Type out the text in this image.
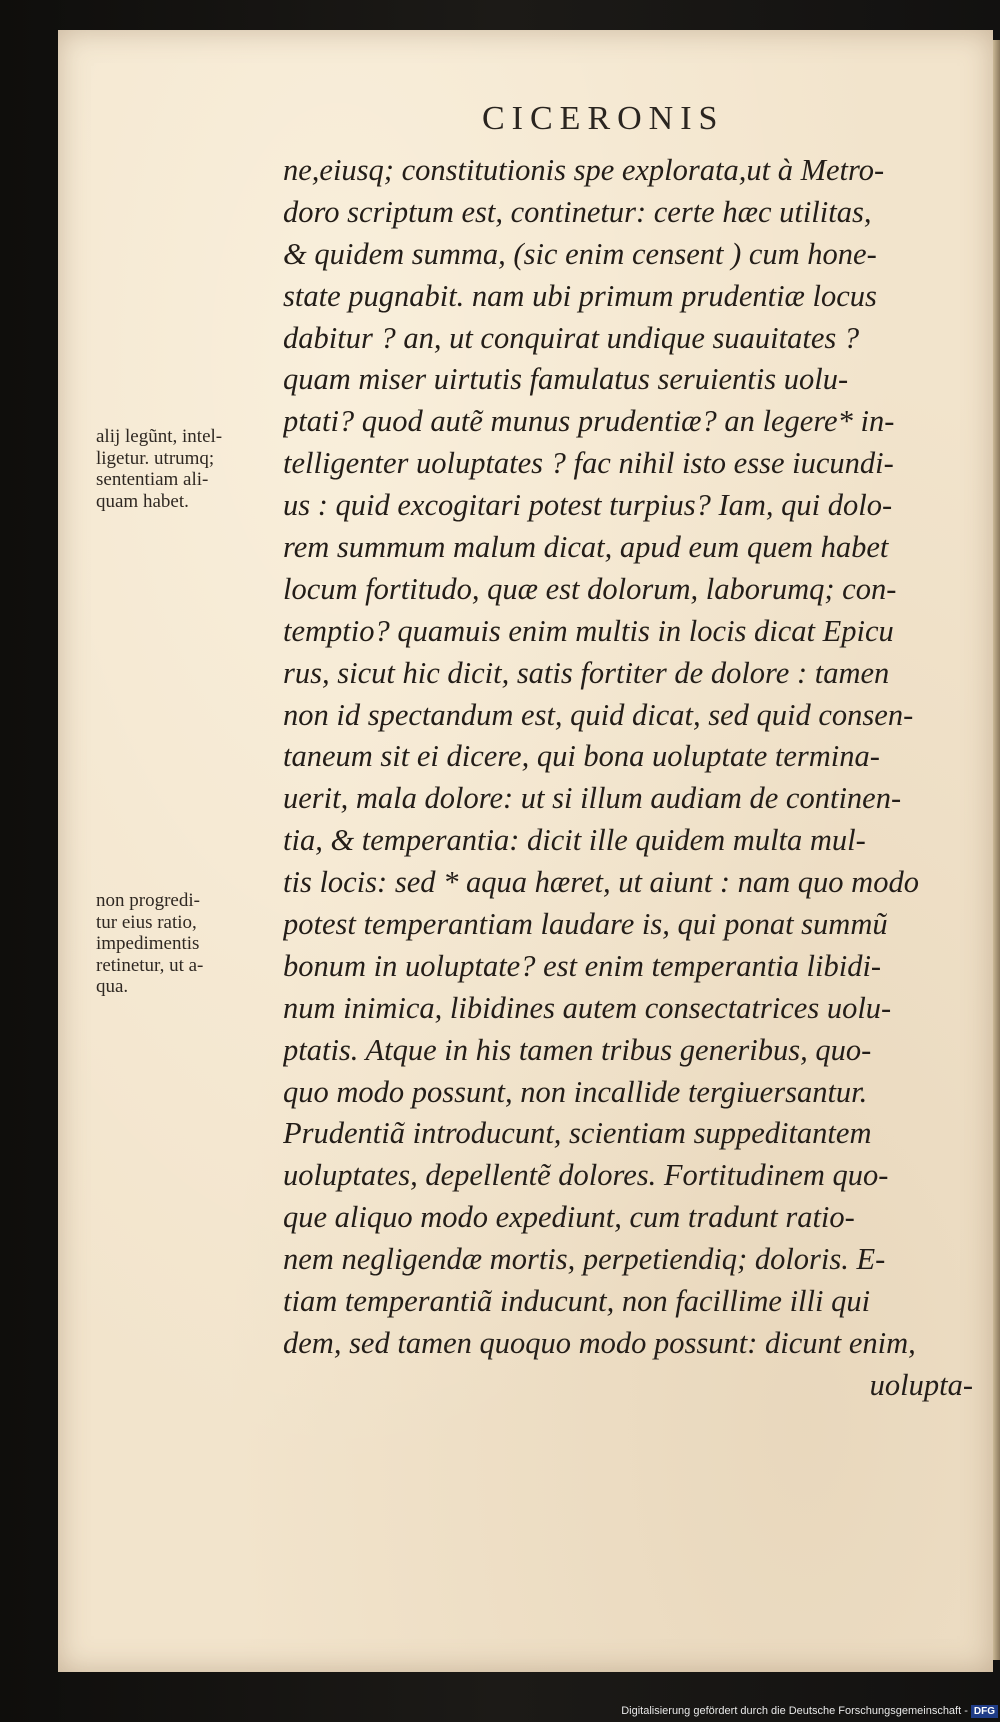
CICERONIS
ne,eiusq; constitutionis spe explorata,ut à Metro-
doro scriptum est, continetur: certe hæc utilitas,
& quidem summa, (sic enim censent ) cum hone-
state pugnabit. nam ubi primum prudentiæ locus
dabitur ? an, ut conquirat undique suauitates ?
quam miser uirtutis famulatus seruientis uolu-
ptati? quod autẽ munus prudentiæ? an legere* in-
telligenter uoluptates ? fac nihil isto esse iucundi-
us : quid excogitari potest turpius? Iam, qui dolo-
rem summum malum dicat, apud eum quem habet
locum fortitudo, quæ est dolorum, laborumq; con-
temptio? quamuis enim multis in locis dicat Epicu
rus, sicut hic dicit, satis fortiter de dolore : tamen
non id spectandum est, quid dicat, sed quid consen-
taneum sit ei dicere, qui bona uoluptate termina-
uerit, mala dolore: ut si illum audiam de continen-
tia, & temperantia: dicit ille quidem multa mul-
tis locis: sed * aqua hæret, ut aiunt : nam quo modo
potest temperantiam laudare is, qui ponat summũ
bonum in uoluptate? est enim temperantia libidi-
num inimica, libidines autem consectatrices uolu-
ptatis. Atque in his tamen tribus generibus, quo-
quo modo possunt, non incallide tergiuersantur.
Prudentiã introducunt, scientiam suppeditantem
uoluptates, depellentẽ dolores. Fortitudinem quo-
que aliquo modo expediunt, cum tradunt ratio-
nem negligendæ mortis, perpetiendiq; doloris. E-
tiam temperantiã inducunt, non facillime illi qui
dem, sed tamen quoquo modo possunt: dicunt enim,
uolupta-
alij legũnt, intel-
ligetur. utrumq;
sententiam ali-
quam habet.
non progredi-
tur eius ratio,
impedimentis
retinetur, ut a-
qua.
Digitalisierung gefördert durch die Deutsche Forschungsgemeinschaft - DFG
